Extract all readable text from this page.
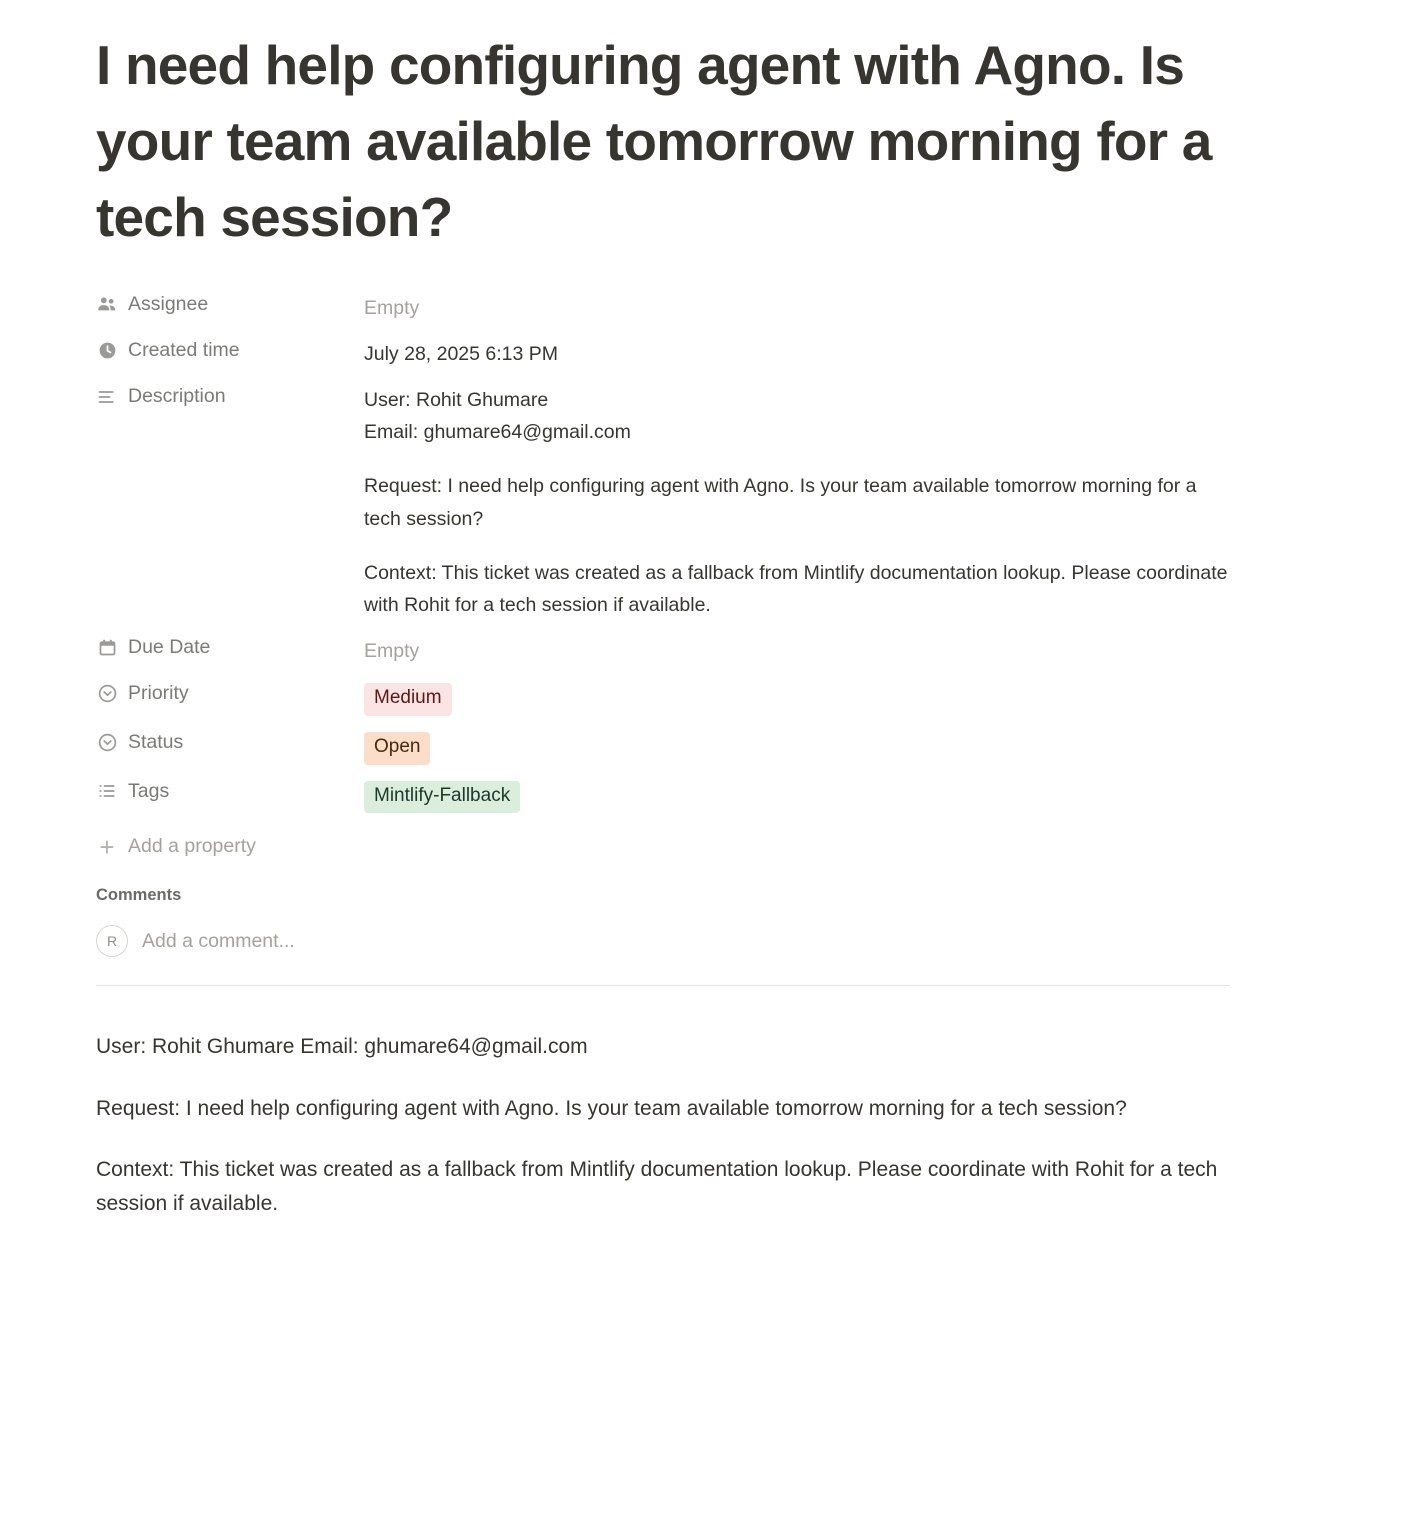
I need help configuring agent with Agno. Is your team available tomorrow morning for a tech session?
Assignee	Empty
Created time	July 28, 2025 6:13 PM
Description	User: Rohit Ghumare
Email: ghumare64@gmail.com

Request: I need help configuring agent with Agno. Is your team available tomorrow morning for a tech session?

Context: This ticket was created as a fallback from Mintlify documentation lookup. Please coordinate with Rohit for a tech session if available.

Due Date	Empty
Priority	Medium
Status	Open
Tags	Mintlify-Fallback
+ Add a property
Comments
R	Add a comment...

User: Rohit Ghumare Email: ghumare64@gmail.com

Request: I need help configuring agent with Agno. Is your team available tomorrow morning for a tech session?

Context: This ticket was created as a fallback from Mintlify documentation lookup. Please coordinate with Rohit for a tech session if available.
